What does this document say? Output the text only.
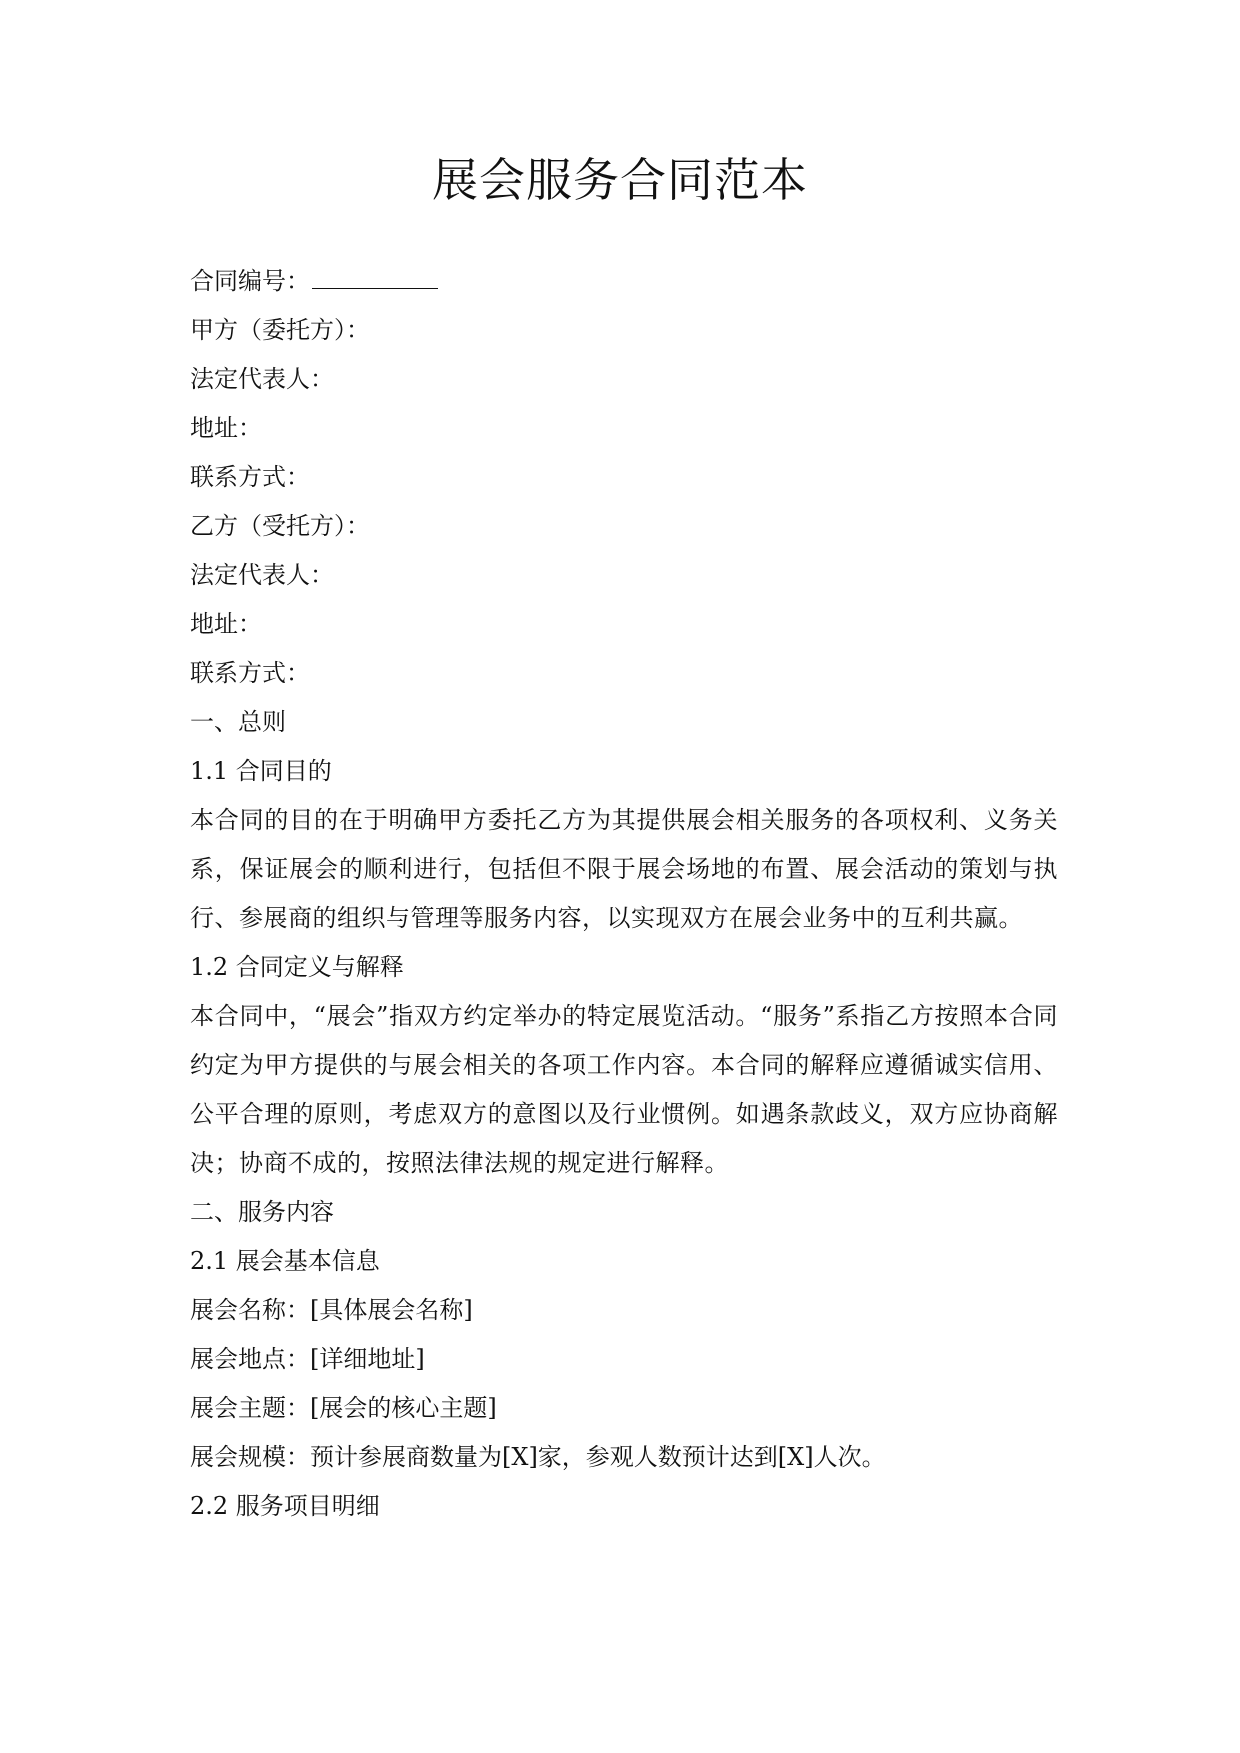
展会服务合同范本
合同编号：
甲方（委托方）：
法定代表人：
地址：
联系方式：
乙方（受托方）：
法定代表人：
地址：
联系方式：
一、总则
1.1 合同目的
本合同的目的在于明确甲方委托乙方为其提供展会相关服务的各项权利、义务关系，保证展会的顺利进行，包括但不限于展会场地的布置、展会活动的策划与执行、参展商的组织与管理等服务内容，以实现双方在展会业务中的互利共赢。
1.2 合同定义与解释
本合同中，“展会”指双方约定举办的特定展览活动。“服务”系指乙方按照本合同约定为甲方提供的与展会相关的各项工作内容。本合同的解释应遵循诚实信用、公平合理的原则，考虑双方的意图以及行业惯例。如遇条款歧义，双方应协商解决；协商不成的，按照法律法规的规定进行解释。
二、服务内容
2.1 展会基本信息
展会名称：[具体展会名称]
展会地点：[详细地址]
展会主题：[展会的核心主题]
展会规模：预计参展商数量为[X]家，参观人数预计达到[X]人次。
2.2 服务项目明细
